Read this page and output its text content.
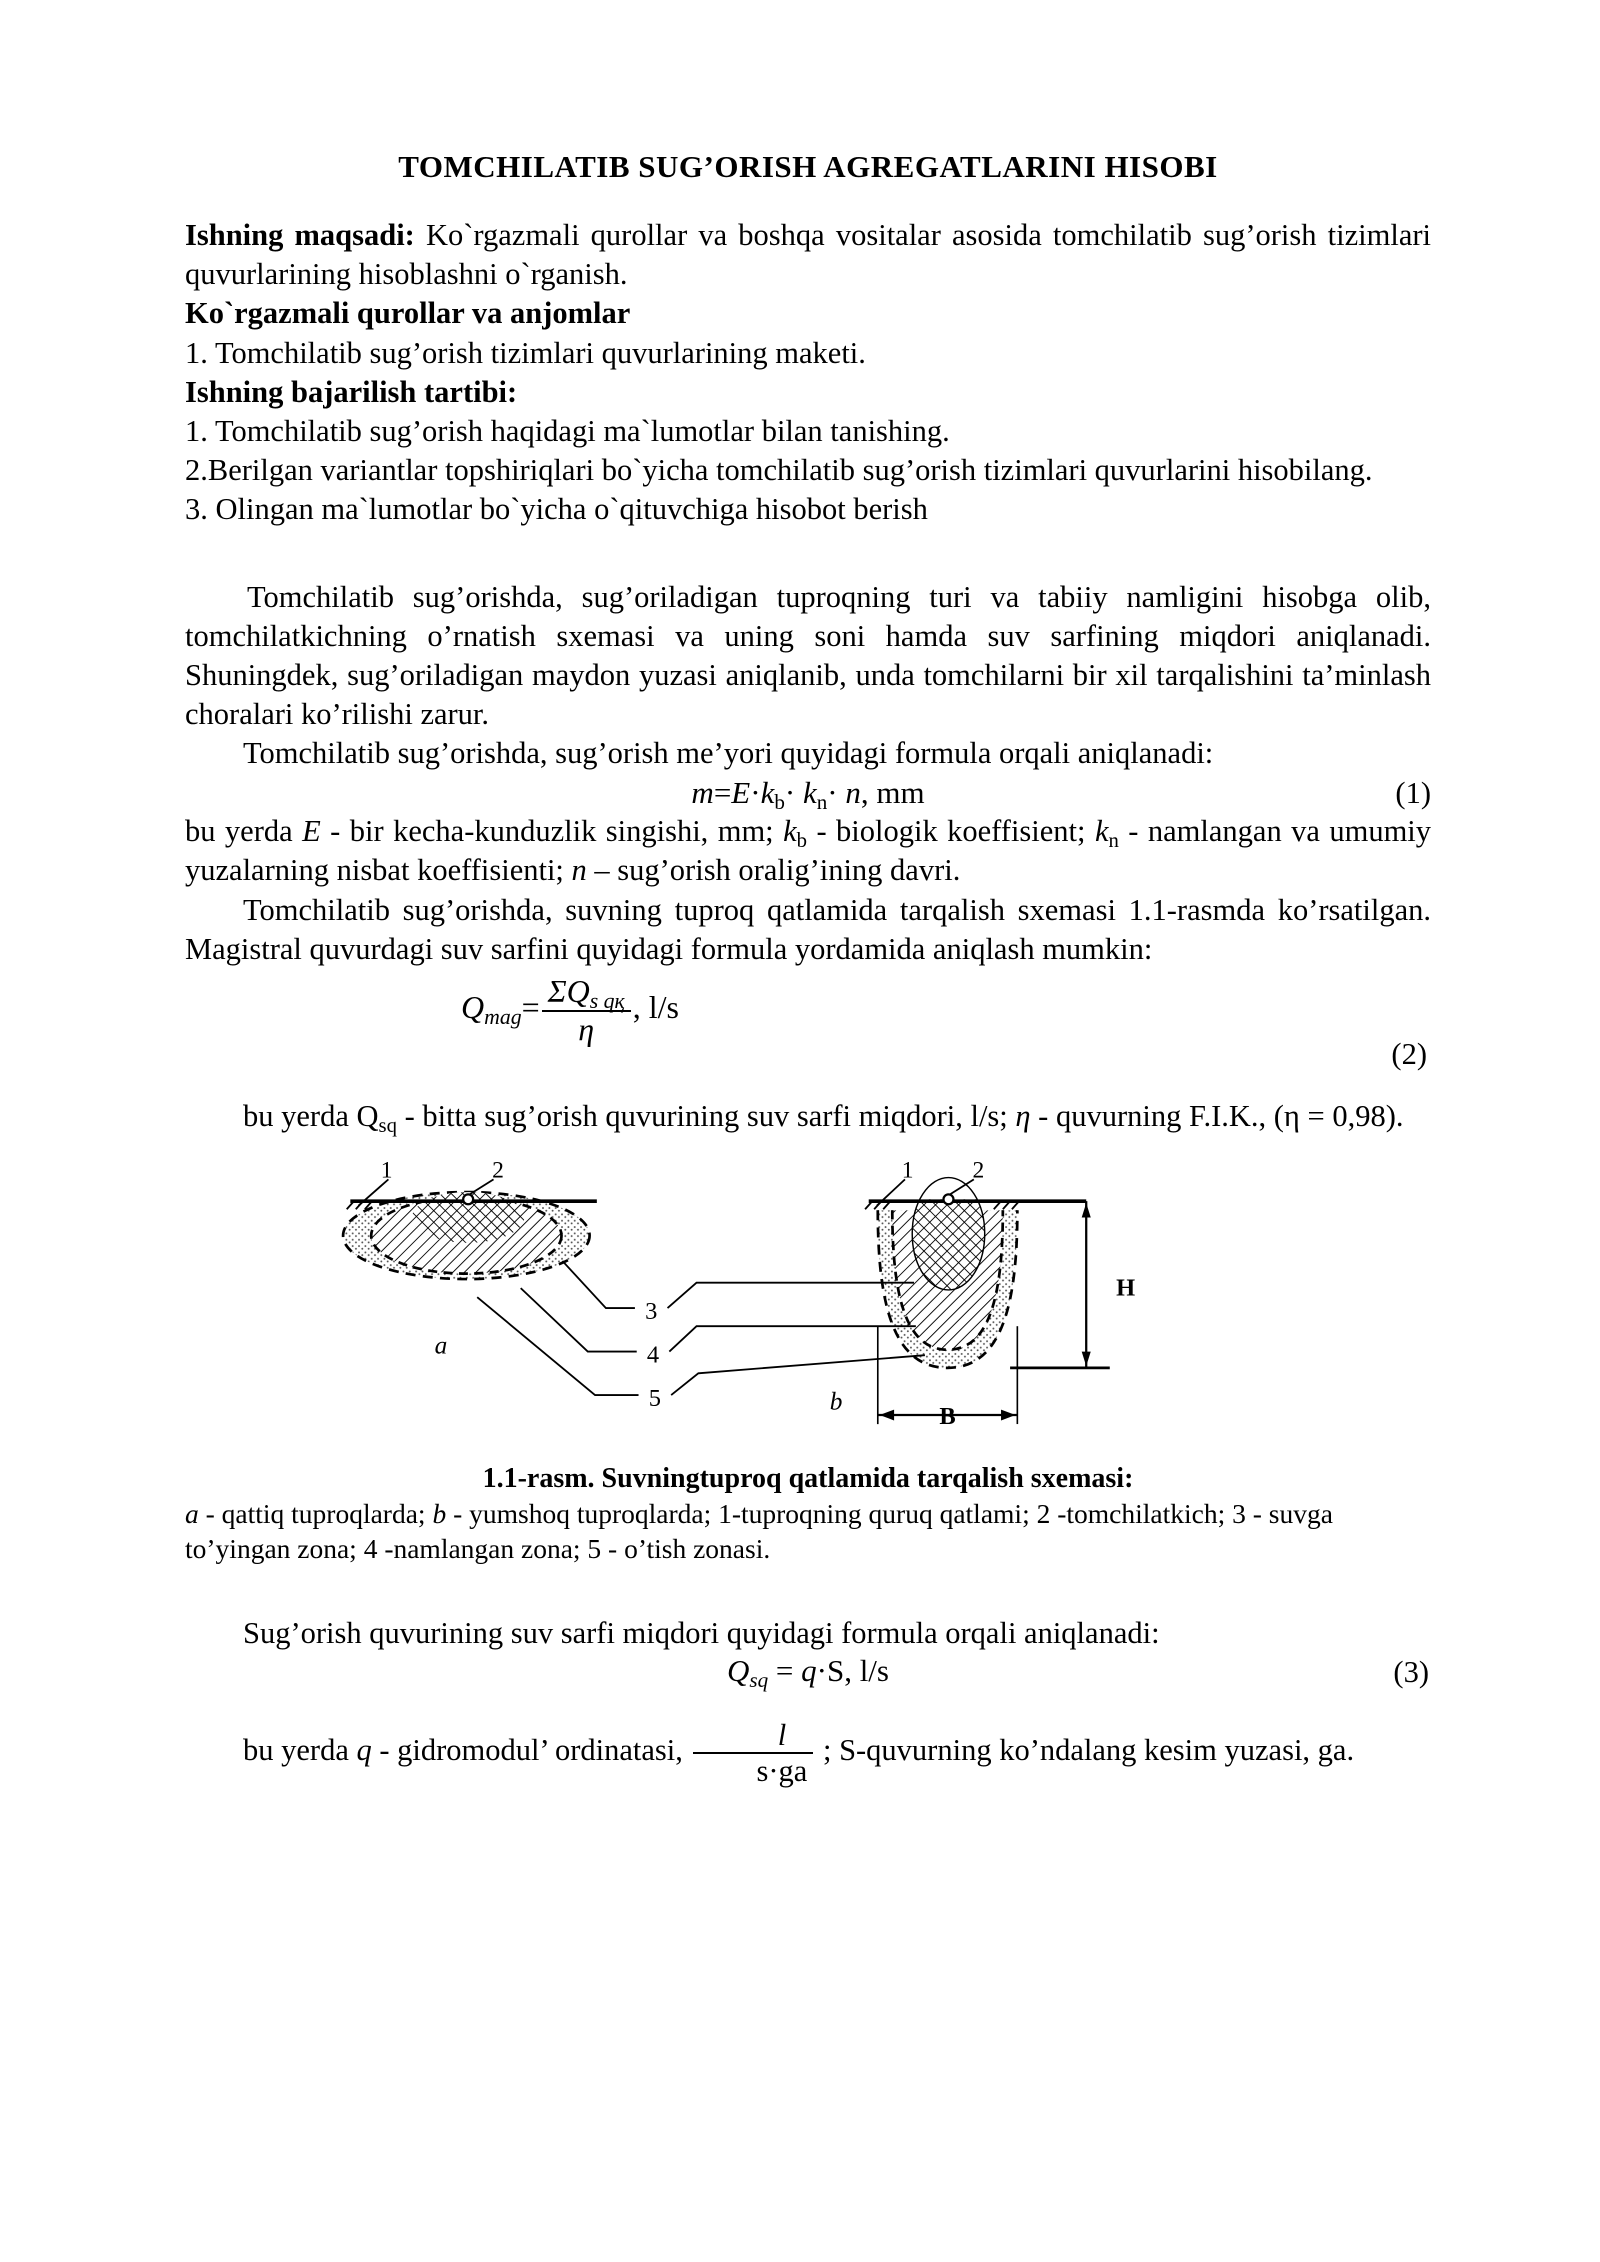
TOMCHILATIB SUG’ORISH AGREGATLARINI HISOBI

Ishning maqsadi: Ko`rgazmali qurollar va boshqa vositalar asosida tomchilatib sug’orish tizimlari quvurlarining hisoblashni o`rganish.

Ko`rgazmali qurollar va anjomlar

1. Tomchilatib sug’orish tizimlari quvurlarining maketi.

Ishning bajarilish tartibi:

1. Tomchilatib sug’orish haqidagi ma`lumotlar bilan tanishing.

2.Berilgan variantlar topshiriqlari bo`yicha tomchilatib sug’orish tizimlari quvurlarini hisobilang.

3. Olingan ma`lumotlar bo`yicha o`qituvchiga hisobot berish

Tomchilatib sug’orishda, sug’oriladigan tuproqning turi va tabiiy namligini hisobga olib, tomchilatkichning o’rnatish sxemasi va uning soni hamda suv sarfining miqdori aniqlanadi. Shuningdek, sug’oriladigan maydon yuzasi aniqlanib, unda tomchilarni bir xil tarqalishini ta’minlash choralari ko’rilishi zarur.

Tomchilatib sug’orishda, sug’orish me’yori quyidagi formula orqali aniqlanadi:

$m=E\cdot k_b\cdot k_n\cdot n$, mm	(1)

bu yerda E - bir kecha-kunduzlik singishi, mm; $k_b$ - biologik koeffisient; $k_n$ - namlangan va umumiy yuzalarning nisbat koeffisienti; n – sug’orish oralig’ining davri.

Tomchilatib sug’orishda, suvning tuproq qatlamida tarqalish sxemasi 1.1-rasmda ko’rsatilgan. Magistral quvurdagi suv sarfini quyidagi formula yordamida aniqlash mumkin:

$Q_{mag}= \frac{\Sigma Q_{s qқ}}{\eta}$ , l/s
(2)

bu yerda $Q_{sq}$ - bitta sug’orish quvurining suv sarfi miqdori, l/s; η - quvurning F.I.K., (η = 0,98).

1	2	1 2
3
4
5
a
b
H
B

1.1-rasm. Suvningtuproq qatlamida tarqalish sxemasi:

a - qattiq tuproqlarda; b - yumshoq tuproqlarda; 1-tuproqning quruq qatlami; 2 -tomchilatkich; 3 - suvga to’yingan zona; 4 -namlangan zona; 5 - o’tish zonasi.

Sug’orish quvurining suv sarfi miqdori quyidagi formula orqali aniqlanadi:

$Q_{sq} = q\cdot S$, l/s	(3)

bu yerda q - gidromodul’ ordinatasi, $\frac{l}{s\cdot ga}$ ; S-quvurning ko’ndalang kesim yuzasi, ga.
